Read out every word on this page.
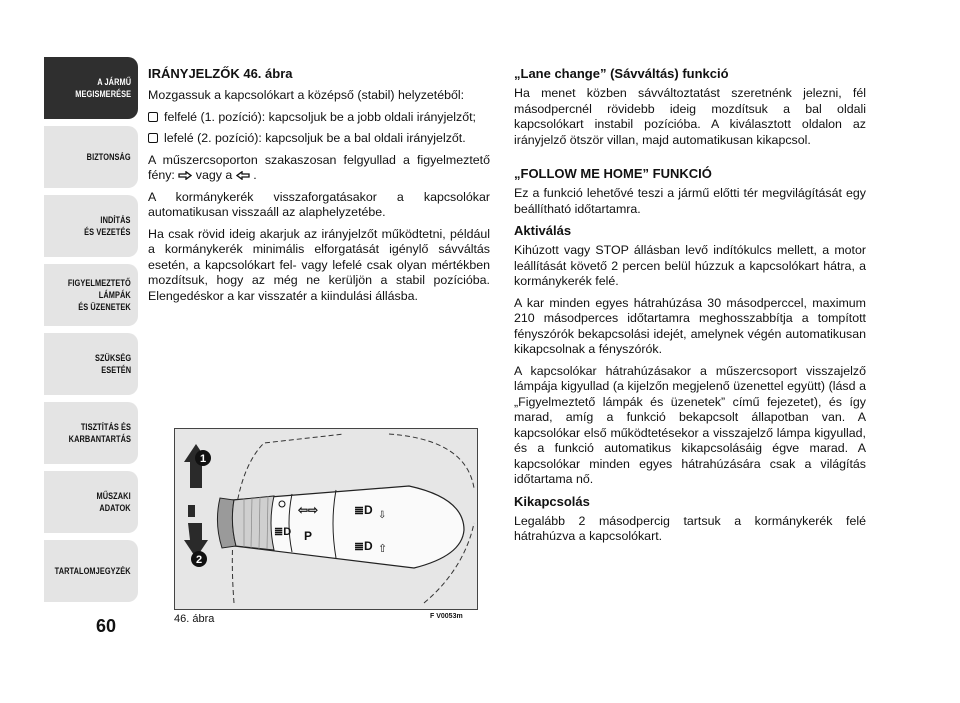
A JÁRMŰ
MEGISMERÉSE
BIZTONSÁG
INDÍTÁS
ÉS VEZETÉS
FIGYELMEZTETŐ
LÁMPÁK
ÉS ÜZENETEK
SZÜKSÉG
ESETÉN
TISZTÍTÁS ÉS
KARBANTARTÁS
MŰSZAKI
ADATOK
TARTALOMJEGYZÉK
60
IRÁNYJELZŐK 46. ábra

Mozgassuk a kapcsolókart a középső (stabil) helyzetéből:

felfelé (1. pozíció): kapcsoljuk be a jobb oldali irányjelzőt;
lefelé (2. pozíció): kapcsoljuk be a bal oldali irányjelzőt.

A műszercsoporton szakaszosan felgyullad a figyelmeztető fény: vagy a .

A kormánykerék visszaforgatásakor a kapcsolókar automatikusan visszaáll az alaphelyzetébe.

Ha csak rövid ideig akarjuk az irányjelzőt működtetni, például a kormánykerék minimális elforgatását igénylő sávváltás esetén, a kapcsolókart fel- vagy lefelé csak olyan mértékben mozdítsuk, hogy az még ne kerüljön a stabil pozícióba. Elengedéskor a kar visszatér a kiindulási állásba.

„Lane change” (Sávváltás) funkció

Ha menet közben sávváltoztatást szeretnénk jelezni, fél másodpercnél rövidebb ideig mozdítsuk a bal oldali kapcsolókart instabil pozícióba. A kiválasztott oldalon az irányjelző ötször villan, majd automatikusan kikapcsol.

„FOLLOW ME HOME” FUNKCIÓ

Ez a funkció lehetővé teszi a jármű előtti tér megvilágítását egy beállítható időtartamra.

Aktiválás

Kihúzott vagy STOP állásban levő indítókulcs mellett, a motor leállítását követő 2 percen belül húzzuk a kapcsolókart hátra, a kormánykerék felé.

A kar minden egyes hátrahúzása 30 másodperccel, maximum 210 másodperces időtartamra meghosszabbítja a tompított fényszórók bekapcsolási idejét, amelynek végén automatikusan kikapcsolnak a fényszórók.

A kapcsolókar hátrahúzásakor a műszercsoport visszajelző lámpája kigyullad (a kijelzőn megjelenő üzenettel együtt) (lásd a „Figyelmeztető lámpák és üzenetek” című fejezetet), és így marad, amíg a funkció bekapcsolt állapotban van. A kapcsolókar első működtetésekor a visszajelző lámpa kigyullad, és a funkció automatikus kikapcsolásáig égve marad. A kapcsolókar minden egyes hátrahúzására csak a világítás időtartama nő.

Kikapcsolás

Legalább 2 másodpercig tartsuk a kormánykerék felé hátrahúzva a kapcsolókart.

≣D
⇦⇨
P
≣D ⇩
≣D ⇧
1
2
46. ábra	F V0053m
